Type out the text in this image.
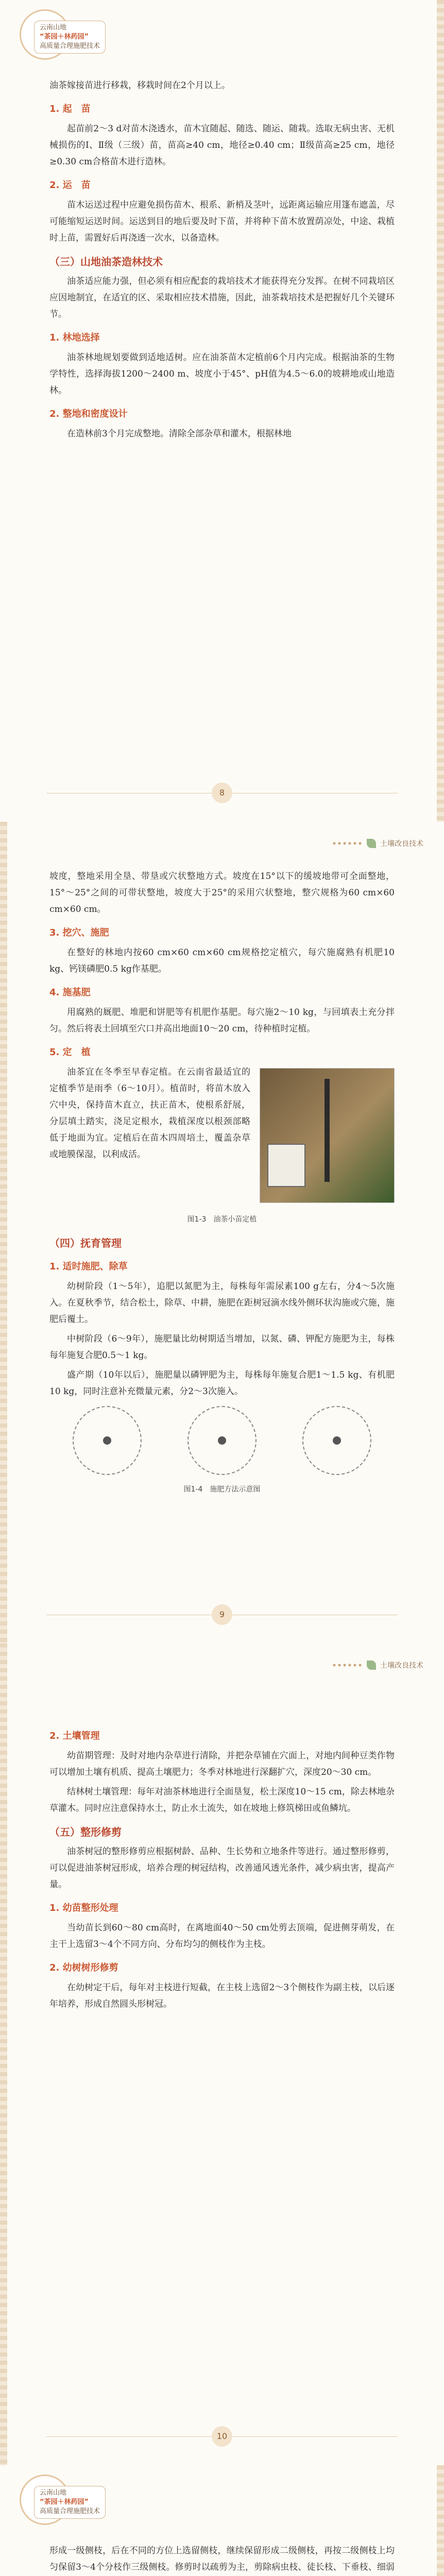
云南山地
“茶园＋林药园”
高质量合理施肥技术

油茶嫁接苗进行移栽，移栽时间在2个月以上。

1. 起　苗

起苗前2～3 d对苗木浇透水，苗木宜随起、随选、随运、随栽。选取无病虫害、无机械损伤的Ⅰ、Ⅱ级（三级）苗，苗高≥40 cm，地径≥0.40 cm；Ⅱ级苗高≥25 cm，地径≥0.30 cm合格苗木进行造林。

2. 运　苗

苗木运送过程中应避免损伤苗木、根系、新梢及茎叶，远距离运输应用篷布遮盖，尽可能缩短运送时间。运送到目的地后要及时下苗，并将种下苗木放置荫凉处，中途、栽植时上苗，需置好后再浇透一次水，以备造林。

（三）山地油茶造林技术

油茶适应能力强，但必须有相应配套的栽培技术才能获得充分发挥。在树不同栽培区应因地制宜，在适宜的区、采取相应技术措施，因此，油茶栽培技术是把握好几个关键环节。

1. 林地选择

油茶林地规划要做到适地适树。应在油茶苗木定植前6个月内完成。根据油茶的生物学特性，选择海拔1200～2400 m、坡度小于45°、pH值为4.5～6.0的坡耕地或山地造林。

2. 整地和密度设计

在造林前3个月完成整地。清除全部杂草和灌木，根据林地

8
土壤改良技术

坡度，整地采用全垦、带垦或穴状整地方式。坡度在15°以下的缓坡地带可全面整地，15°～25°之间的可带状整地，坡度大于25°的采用穴状整地，整穴规格为60 cm×60 cm×60 cm。

3. 挖穴、施肥

在整好的林地内按60 cm×60 cm×60 cm规格挖定植穴，每穴施腐熟有机肥10 kg、钙镁磷肥0.5 kg作基肥。

4. 施基肥

用腐熟的厩肥、堆肥和饼肥等有机肥作基肥。每穴施2～10 kg，与回填表土充分拌匀。然后将表土回填至穴口并高出地面10～20 cm，待种植时定植。

5. 定　植

油茶宜在冬季至早春定植。在云南省最适宜的定植季节是雨季（6～10月）。植苗时，将苗木放入穴中央，保持苗木直立，扶正苗木，使根系舒展，分层填土踏实，浇足定根水，栽植深度以根颈部略低于地面为宜。定植后在苗木四周培土，覆盖杂草或地膜保湿，以利成活。

图1-3　油茶小苗定植
（四）抚育管理
1. 适时施肥、除草

幼树阶段（1～5年），追肥以氮肥为主，每株每年需尿素100 g左右，分4～5次施入。在夏秋季节，结合松土，除草、中耕，施肥在距树冠滴水线外侧环状沟施或穴施，施肥后覆土。

中树阶段（6～9年），施肥量比幼树期适当增加，以氮、磷、钾配方施肥为主，每株每年施复合肥0.5～1 kg。

盛产期（10年以后），施肥量以磷钾肥为主，每株每年施复合肥1～1.5 kg、有机肥10 kg，同时注意补充微量元素，分2～3次施入。

图1-4　施肥方法示意图
9
土壤改良技术
2. 土壤管理

幼苗期管理：及时对地内杂草进行清除，并把杂草铺在穴面上，对地内间种豆类作物可以增加土壤有机质、提高土壤肥力；冬季对林地进行深翻扩穴，深度20～30 cm。

结林树土壤管理：每年对油茶林地进行全面垦复，松土深度10～15 cm，除去林地杂草灌木。同时应注意保持水土，防止水土流失，如在坡地上修筑梯田或鱼鳞坑。

（五）整形修剪

油茶树冠的整形修剪应根据树龄、品种、生长势和立地条件等进行。通过整形修剪，可以促进油茶树冠形成，培养合理的树冠结构，改善通风透光条件，减少病虫害，提高产量。

1. 幼苗整形处理

当幼苗长到60～80 cm高时，在离地面40～50 cm处剪去顶端，促进侧芽萌发，在主干上选留3～4个不同方向、分布均匀的侧枝作为主枝。

2. 幼树树形修剪

在幼树定干后，每年对主枝进行短截，在主枝上选留2～3个侧枝作为副主枝，以后逐年培养，形成自然圆头形树冠。

10
云南山地
“茶园＋林药园”
高质量合理施肥技术

形成一级侧枝，后在不同的方位上选留侧枝，继续保留形成二级侧枝，再按二级侧枝上均匀保留3～4个分枝作三级侧枝。修剪时以疏剪为主，剪除病虫枝、徒长枝、下垂枝、细弱
